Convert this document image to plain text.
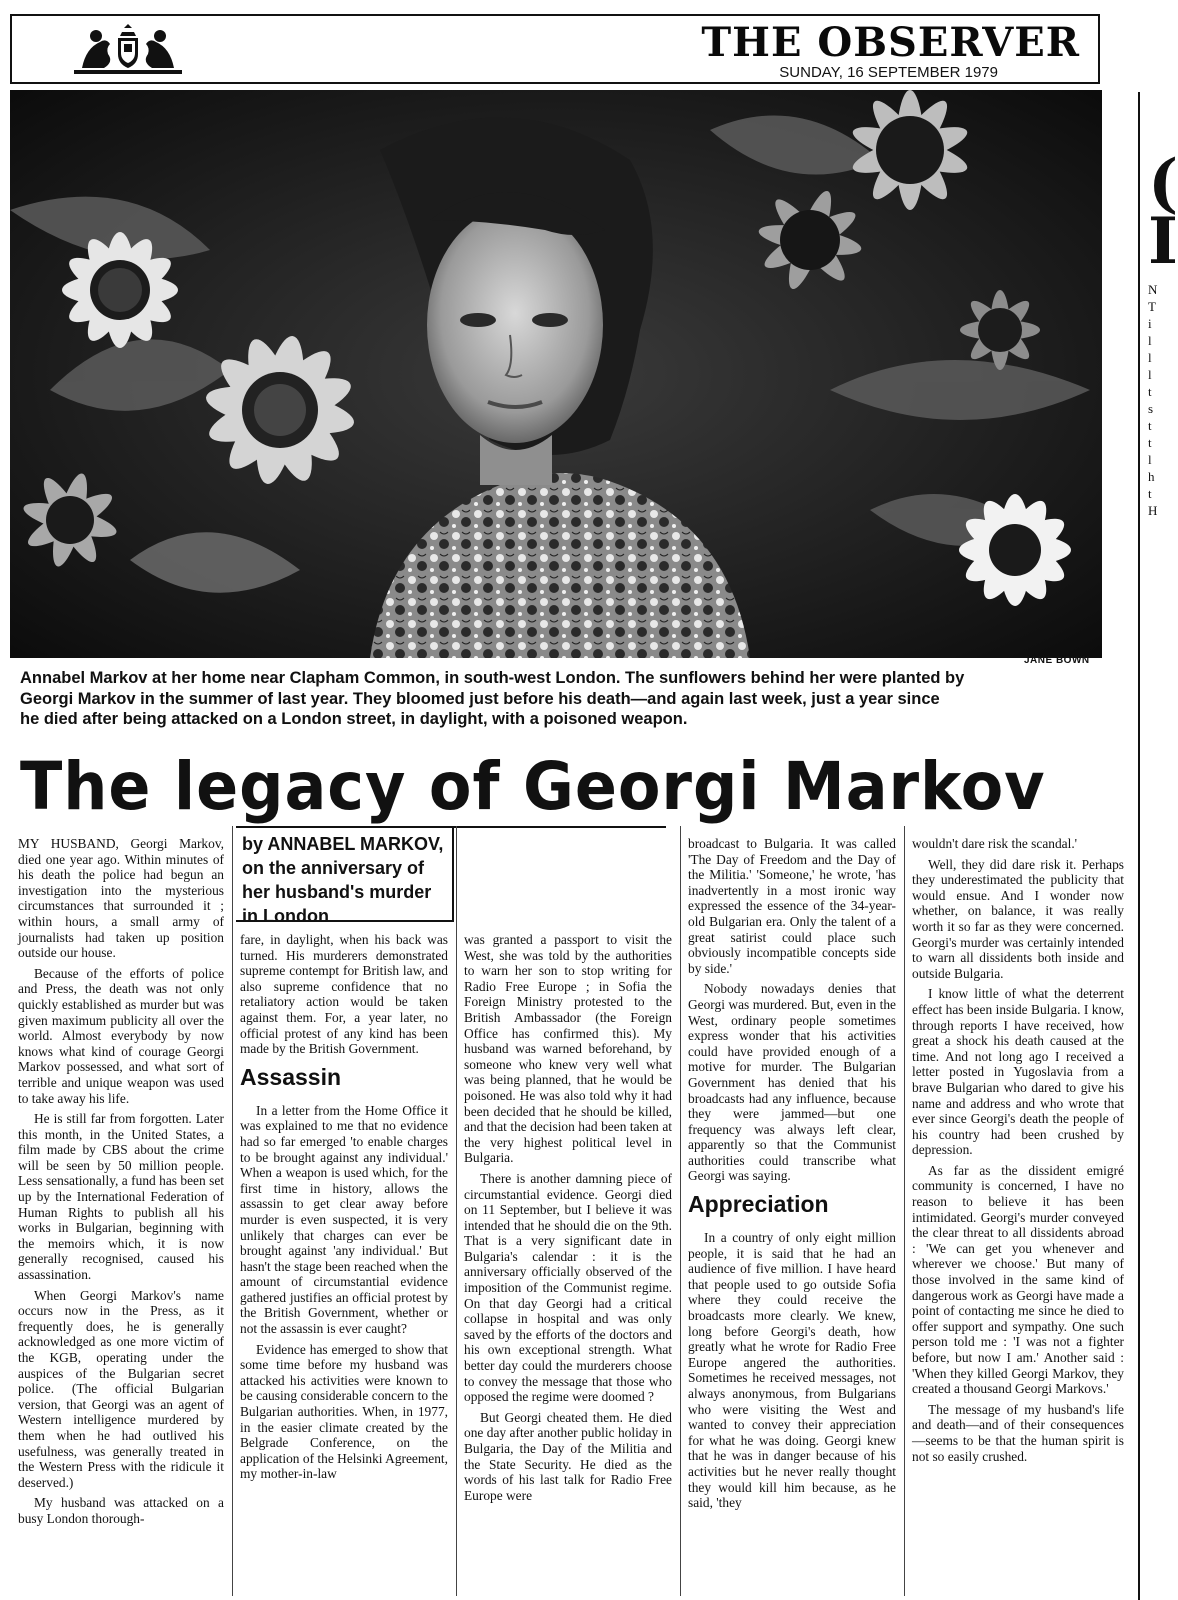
THE OBSERVER
SUNDAY, 16 SEPTEMBER 1979
(
I
N
T
i
l
l
l
t
s
t
t
l
h
t
H
JANE BOWN

Annabel Markov at her home near Clapham Common, in south-west London. The sunflowers behind her were planted by

Georgi Markov in the summer of last year. They bloomed just before his death—and again last week, just a year since

he died after being attacked on a London street, in daylight, with a poisoned weapon.

The legacy of Georgi Markov
by ANNABEL MARKOV, on the anniversary of her husband's murder in London

MY HUSBAND, Georgi Markov, died one year ago. Within minutes of his death the police had begun an investigation into the mysterious circumstances that surrounded it ; within hours, a small army of journalists had taken up position outside our house.

Because of the efforts of police and Press, the death was not only quickly established as murder but was given maximum publicity all over the world. Almost everybody by now knows what kind of courage Georgi Markov possessed, and what sort of terrible and unique weapon was used to take away his life.

He is still far from forgotten. Later this month, in the United States, a film made by CBS about the crime will be seen by 50 million people. Less sensationally, a fund has been set up by the International Federation of Human Rights to publish all his works in Bulgarian, beginning with the memoirs which, it is now generally recognised, caused his assassination.

When Georgi Markov's name occurs now in the Press, as it frequently does, he is generally acknowledged as one more victim of the KGB, operating under the auspices of the Bulgarian secret police. (The official Bulgarian version, that Georgi was an agent of Western intelligence murdered by them when he had outlived his usefulness, was generally treated in the Western Press with the ridicule it deserved.)

My husband was attacked on a busy London thorough-

fare, in daylight, when his back was turned. His murderers demonstrated supreme contempt for British law, and also supreme confidence that no retaliatory action would be taken against them. For, a year later, no official protest of any kind has been made by the British Government.

Assassin

In a letter from the Home Office it was explained to me that no evidence had so far emerged 'to enable charges to be brought against any individual.' When a weapon is used which, for the first time in history, allows the assassin to get clear away before murder is even suspected, it is very unlikely that charges can ever be brought against 'any individual.' But hasn't the stage been reached when the amount of circumstantial evidence gathered justifies an official protest by the British Government, whether or not the assassin is ever caught?

Evidence has emerged to show that some time before my husband was attacked his activities were known to be causing considerable concern to the Bulgarian authorities. When, in 1977, in the easier climate created by the Belgrade Conference, on the application of the Helsinki Agreement, my mother-in-law

was granted a passport to visit the West, she was told by the authorities to warn her son to stop writing for Radio Free Europe ; in Sofia the Foreign Ministry protested to the British Ambassador (the Foreign Office has confirmed this). My husband was warned beforehand, by someone who knew very well what was being planned, that he would be poisoned. He was also told why it had been decided that he should be killed, and that the decision had been taken at the very highest political level in Bulgaria.

There is another damning piece of circumstantial evidence. Georgi died on 11 September, but I believe it was intended that he should die on the 9th. That is a very significant date in Bulgaria's calendar : it is the anniversary officially observed of the imposition of the Communist regime. On that day Georgi had a critical collapse in hospital and was only saved by the efforts of the doctors and his own exceptional strength. What better day could the murderers choose to convey the message that those who opposed the regime were doomed ?

But Georgi cheated them. He died one day after another public holiday in Bulgaria, the Day of the Militia and the State Security. He died as the words of his last talk for Radio Free Europe were

broadcast to Bulgaria. It was called 'The Day of Freedom and the Day of the Militia.' 'Someone,' he wrote, 'has inadvertently in a most ironic way expressed the essence of the 34-year-old Bulgarian era. Only the talent of a great satirist could place such obviously incompatible concepts side by side.'

Nobody nowadays denies that Georgi was murdered. But, even in the West, ordinary people sometimes express wonder that his activities could have provided enough of a motive for murder. The Bulgarian Government has denied that his broadcasts had any influence, because they were jammed—but one frequency was always left clear, apparently so that the Communist authorities could transcribe what Georgi was saying.

Appreciation

In a country of only eight million people, it is said that he had an audience of five million. I have heard that people used to go outside Sofia where they could receive the broadcasts more clearly. We knew, long before Georgi's death, how greatly what he wrote for Radio Free Europe angered the authorities. Sometimes he received messages, not always anonymous, from Bulgarians who were visiting the West and wanted to convey their appreciation for what he was doing. Georgi knew that he was in danger because of his activities but he never really thought they would kill him because, as he said, 'they

wouldn't dare risk the scandal.'

Well, they did dare risk it. Perhaps they underestimated the publicity that would ensue. And I wonder now whether, on balance, it was really worth it so far as they were concerned. Georgi's murder was certainly intended to warn all dissidents both inside and outside Bulgaria.

I know little of what the deterrent effect has been inside Bulgaria. I know, through reports I have received, how great a shock his death caused at the time. And not long ago I received a letter posted in Yugoslavia from a brave Bulgarian who dared to give his name and address and who wrote that ever since Georgi's death the people of his country had been crushed by depression.

As far as the dissident emigré community is concerned, I have no reason to believe it has been intimidated. Georgi's murder conveyed the clear threat to all dissidents abroad : 'We can get you whenever and wherever we choose.' But many of those involved in the same kind of dangerous work as Georgi have made a point of contacting me since he died to offer support and sympathy. One such person told me : 'I was not a fighter before, but now I am.' Another said : 'When they killed Georgi Markov, they created a thousand Georgi Markovs.'

The message of my husband's life and death—and of their consequences—seems to be that the human spirit is not so easily crushed.
